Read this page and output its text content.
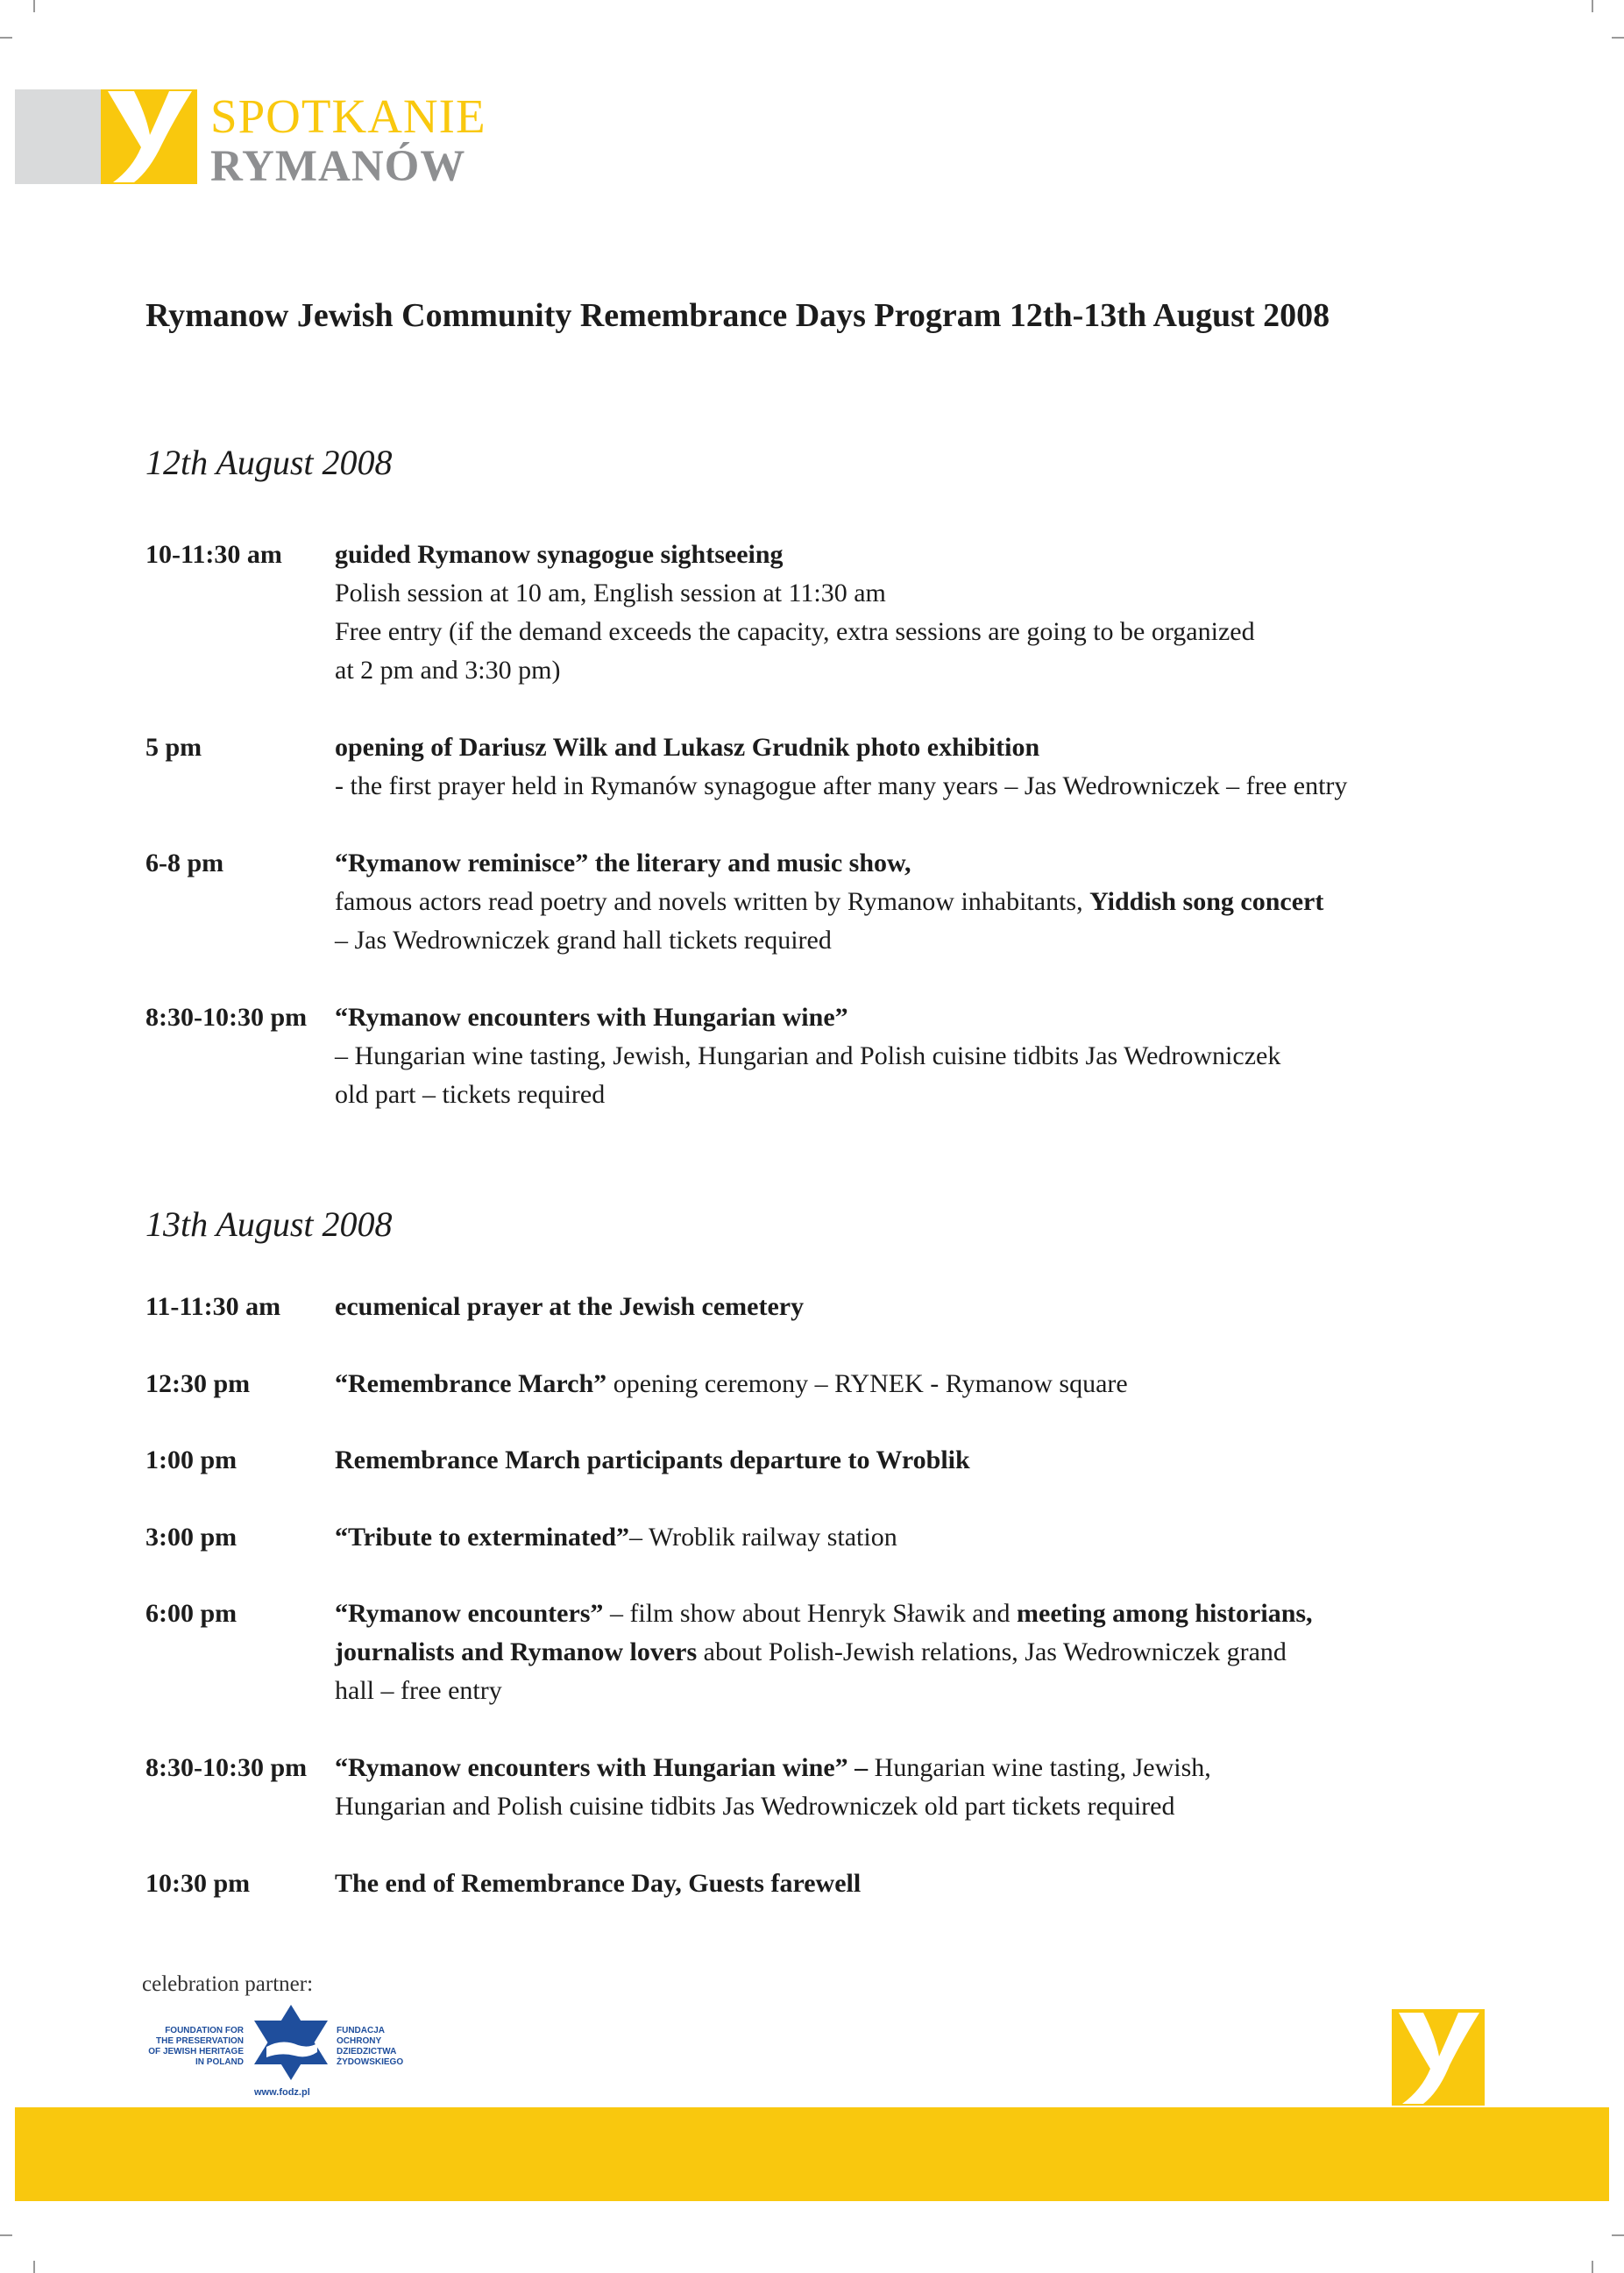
SPOTKANIE
RYMANÓW
Rymanow Jewish Community Remembrance Days Program 12th-13th August 2008
12th August 2008
10-11:30 am guided Rymanow synagogue sightseeing
Polish session at 10 am, English session at 11:30 am
Free entry (if the demand exceeds the capacity, extra sessions are going to be organized
at 2 pm and 3:30 pm)
5 pm	opening of Dariusz Wilk and Lukasz Grudnik photo exhibition
- the first prayer held in Rymanów synagogue after many years – Jas Wedrowniczek – free entry
6-8 pm	“Rymanow reminisce” the literary and music show,
famous actors read poetry and novels written by Rymanow inhabitants, Yiddish song concert
– Jas Wedrowniczek grand hall tickets required
8:30-10:30 pm “Rymanow encounters with Hungarian wine”
– Hungarian wine tasting, Jewish, Hungarian and Polish cuisine tidbits Jas Wedrowniczek
old part – tickets required
13th August 2008
11-11:30 am ecumenical prayer at the Jewish cemetery
12:30 pm	“Remembrance March” opening ceremony – RYNEK - Rymanow square
1:00 pm	Remembrance March participants departure to Wroblik
3:00 pm	“Tribute to exterminated”– Wroblik railway station
6:00 pm	“Rymanow encounters” – film show about Henryk Sławik and meeting among historians,
journalists and Rymanow lovers about Polish-Jewish relations, Jas Wedrowniczek grand
hall – free entry
8:30-10:30 pm “Rymanow encounters with Hungarian wine” – Hungarian wine tasting, Jewish,
Hungarian and Polish cuisine tidbits Jas Wedrowniczek old part tickets required
10:30 pm	The end of Remembrance Day, Guests farewell
celebration partner:
FOUNDATION FOR
THE PRESERVATION
OF JEWISH HERITAGE
IN POLAND
FUNDACJA
OCHRONY
DZIEDZICTWA
ŻYDOWSKIEGO
www.fodz.pl
